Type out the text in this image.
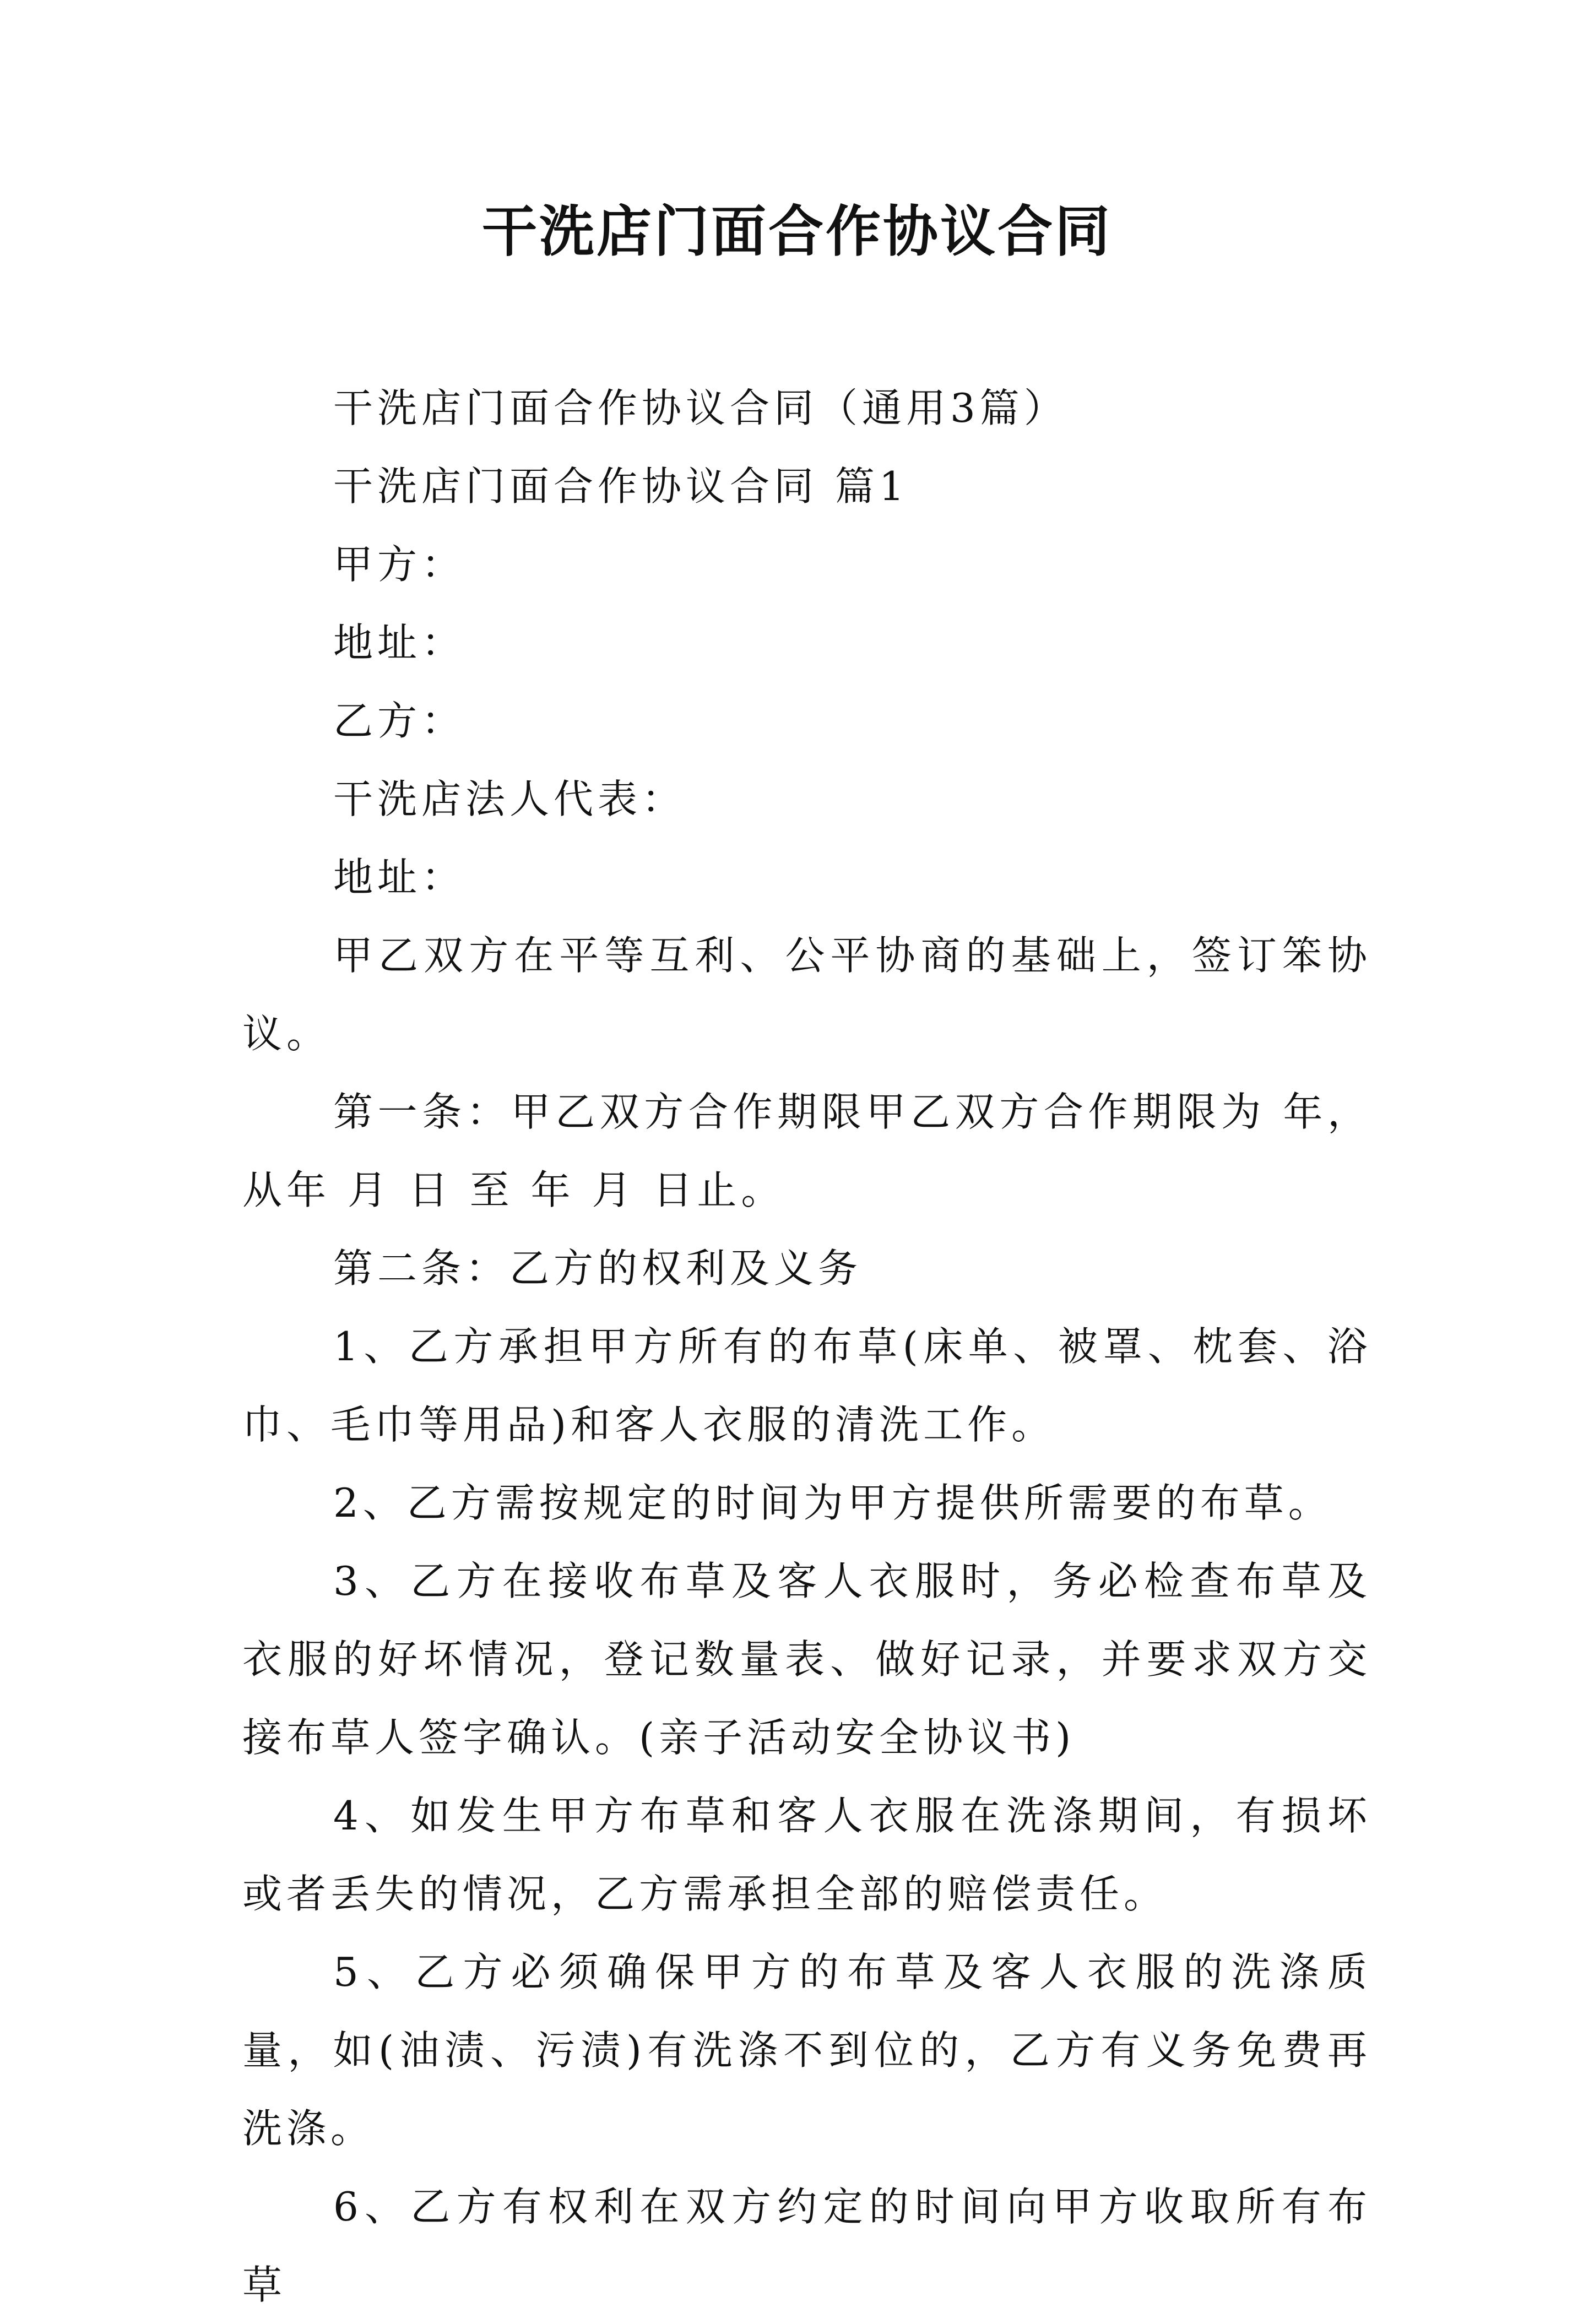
干洗店门面合作协议合同

干洗店门面合作协议合同（通用3篇）

干洗店门面合作协议合同 篇1

甲方：

地址：

乙方：

干洗店法人代表：

地址：

甲乙双方在平等互利、公平协商的基础上，签订笨协议。

第一条：甲乙双方合作期限甲乙双方合作期限为 年，从年 月 日 至 年 月 日止。

第二条：乙方的权利及义务

1、乙方承担甲方所有的布草(床单、被罩、枕套、浴巾、毛巾等用品)和客人衣服的清洗工作。

2、乙方需按规定的时间为甲方提供所需要的布草。

3、乙方在接收布草及客人衣服时，务必检查布草及衣服的好坏情况，登记数量表、做好记录，并要求双方交接布草人签字确认。(亲子活动安全协议书)

4、如发生甲方布草和客人衣服在洗涤期间，有损坏或者丢失的情况，乙方需承担全部的赔偿责任。

5、乙方必须确保甲方的布草及客人衣服的洗涤质量，如(油渍、污渍)有洗涤不到位的，乙方有义务免费再洗涤。

6、乙方有权利在双方约定的时间向甲方收取所有布草
